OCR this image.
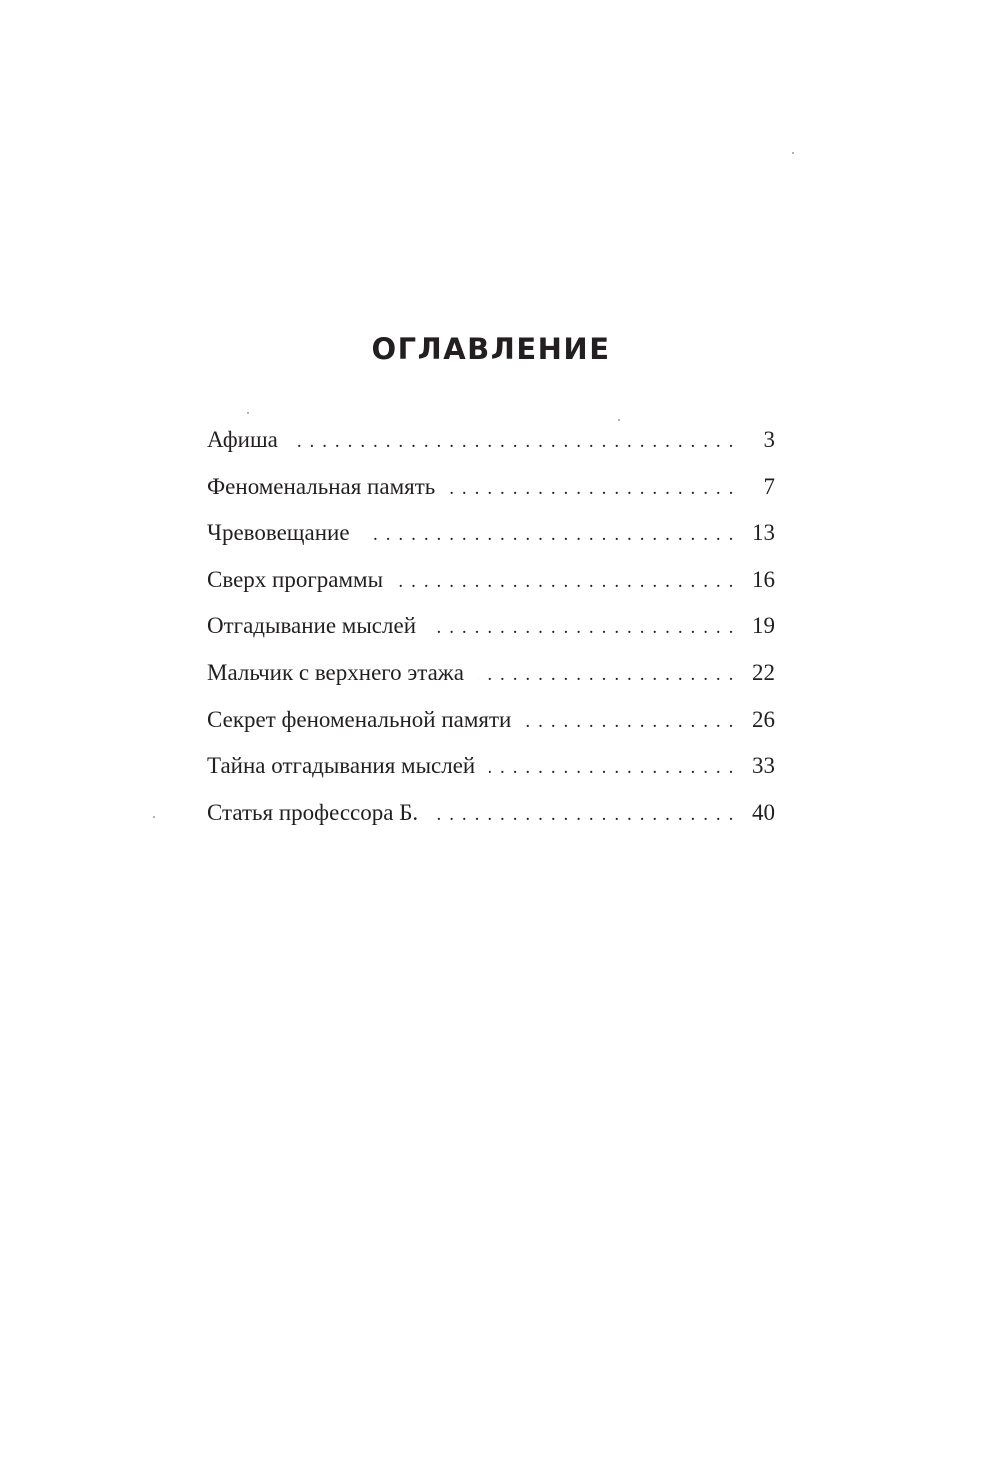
ОГЛАВЛЕНИЕ
Афиша . . .	3
Феноменальная память . . .	7
Чревовещание . . .	13
Сверх программы . . .	16
Отгадывание мыслей . . .	19
Мальчик с верхнего этажа . . .	22
Секрет феноменальной памяти . . .	26
Тайна отгадывания мыслей . . .	33
Статья профессора Б. . . .	40
